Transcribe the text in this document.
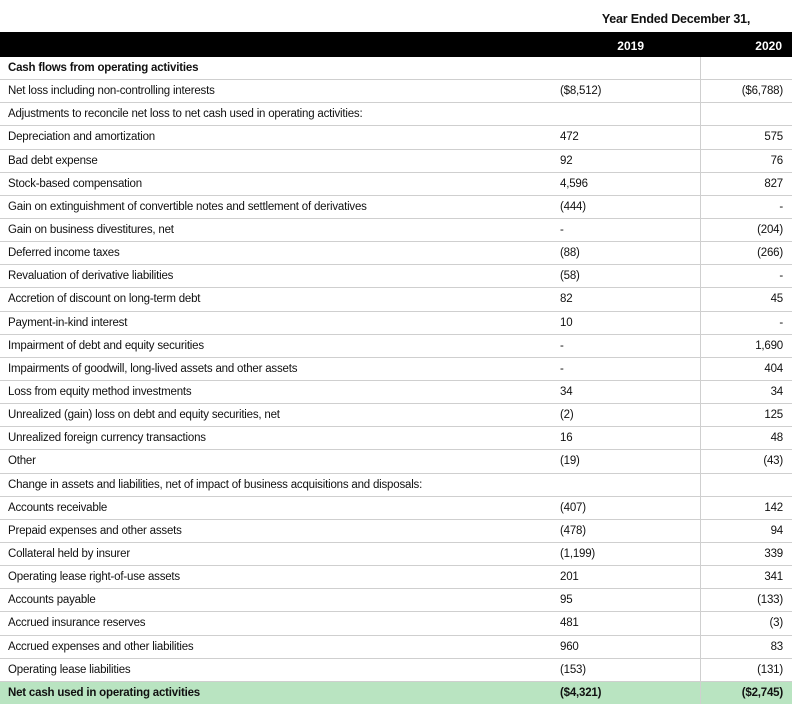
Year Ended December 31,
2019	2020
Cash flows from operating activities		
Net loss including non-controlling interests	($8,512)	($6,788)
Adjustments to reconcile net loss to net cash used in operating activities:		
Depreciation and amortization	472	575
Bad debt expense	92	76
Stock-based compensation	4,596	827
Gain on extinguishment of convertible notes and settlement of derivatives	(444)	-
Gain on business divestitures, net	-	(204)
Deferred income taxes	(88)	(266)
Revaluation of derivative liabilities	(58)	-
Accretion of discount on long-term debt	82	45
Payment-in-kind interest	10	-
Impairment of debt and equity securities	-	1,690
Impairments of goodwill, long-lived assets and other assets	-	404
Loss from equity method investments	34	34
Unrealized (gain) loss on debt and equity securities, net	(2)	125
Unrealized foreign currency transactions	16	48
Other	(19)	(43)
Change in assets and liabilities, net of impact of business acquisitions and disposals:		
Accounts receivable	(407)	142
Prepaid expenses and other assets	(478)	94
Collateral held by insurer	(1,199)	339
Operating lease right-of-use assets	201	341
Accounts payable	95	(133)
Accrued insurance reserves	481	(3)
Accrued expenses and other liabilities	960	83
Operating lease liabilities	(153)	(131)
Net cash used in operating activities	($4,321)	($2,745)
